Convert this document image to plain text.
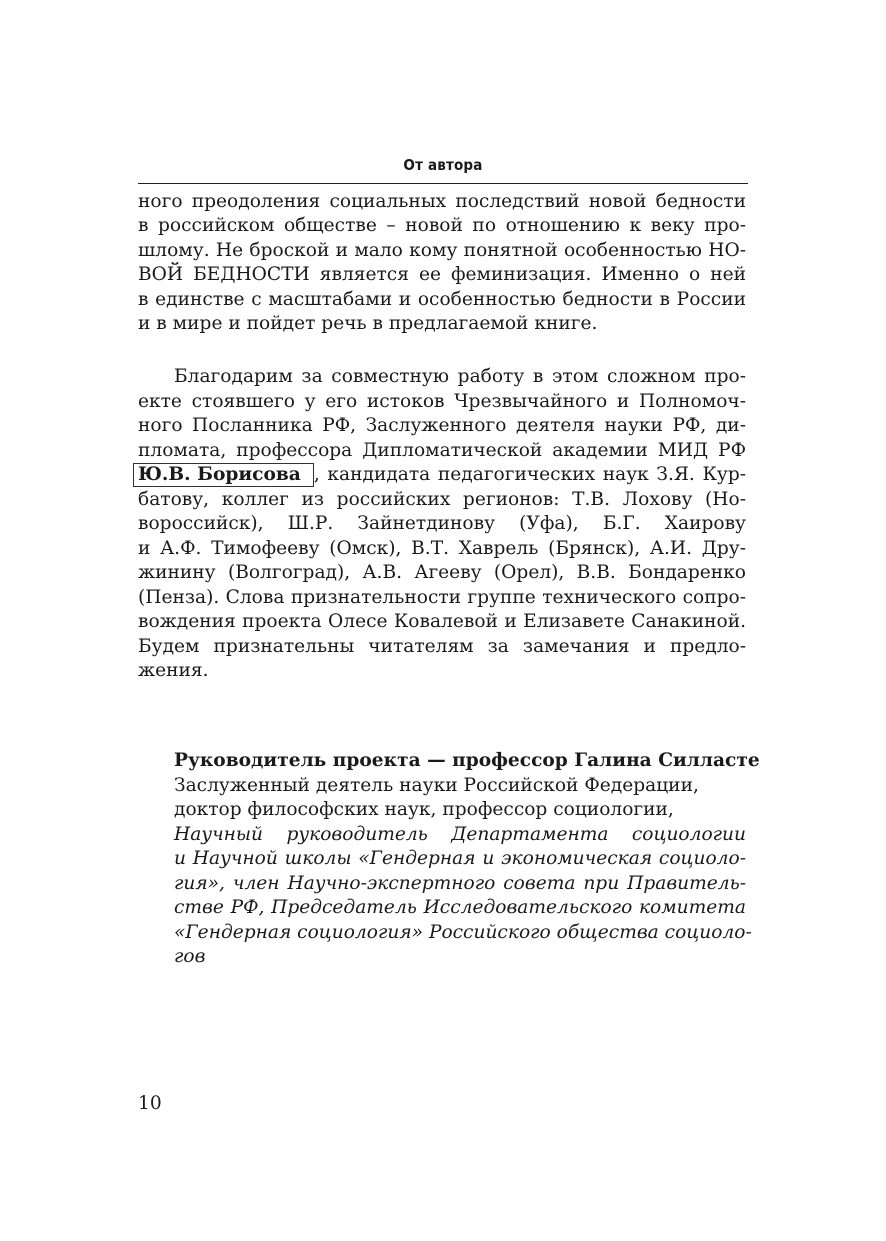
От автора
ного преодоления социальных последствий новой бедности
в российском обществе – новой по отношению к веку про-
шлому. Не броской и мало кому понятной особенностью НО-
ВОЙ БЕДНОСТИ является ее феминизация. Именно о ней
в единстве с масштабами и особенностью бедности в России
и в мире и пойдет речь в предлагаемой книге.
Благодарим за совместную работу в этом сложном про-
екте стоявшего у его истоков Чрезвычайного и Полномоч-
ного Посланника РФ, Заслуженного деятеля науки РФ, ди-
пломата, профессора Дипломатической академии МИД РФ
Ю.В. Борисова , кандидата педагогических наук З.Я. Кур-
батову, коллег из российских регионов: Т.В. Лохову (Но-
вороссийск), Ш.Р. Зайнетдинову (Уфа), Б.Г. Хаирову
и А.Ф. Тимофееву (Омск), В.Т. Хаврель (Брянск), А.И. Дру-
жинину (Волгоград), А.В. Агееву (Орел), В.В. Бондаренко
(Пенза). Слова признательности группе технического сопро-
вождения проекта Олесе Ковалевой и Елизавете Санакиной.
Будем признательны читателям за замечания и предло-
жения.
Руководитель проекта — профессор Галина Силласте
Заслуженный деятель науки Российской Федерации,
доктор философских наук, профессор социологии,
Научный руководитель Департамента социологии
и Научной школы «Гендерная и экономическая социоло-
гия», член Научно-экспертного совета при Правитель-
стве РФ, Председатель Исследовательского комитета
«Гендерная социология» Российского общества социоло-
гов
10
